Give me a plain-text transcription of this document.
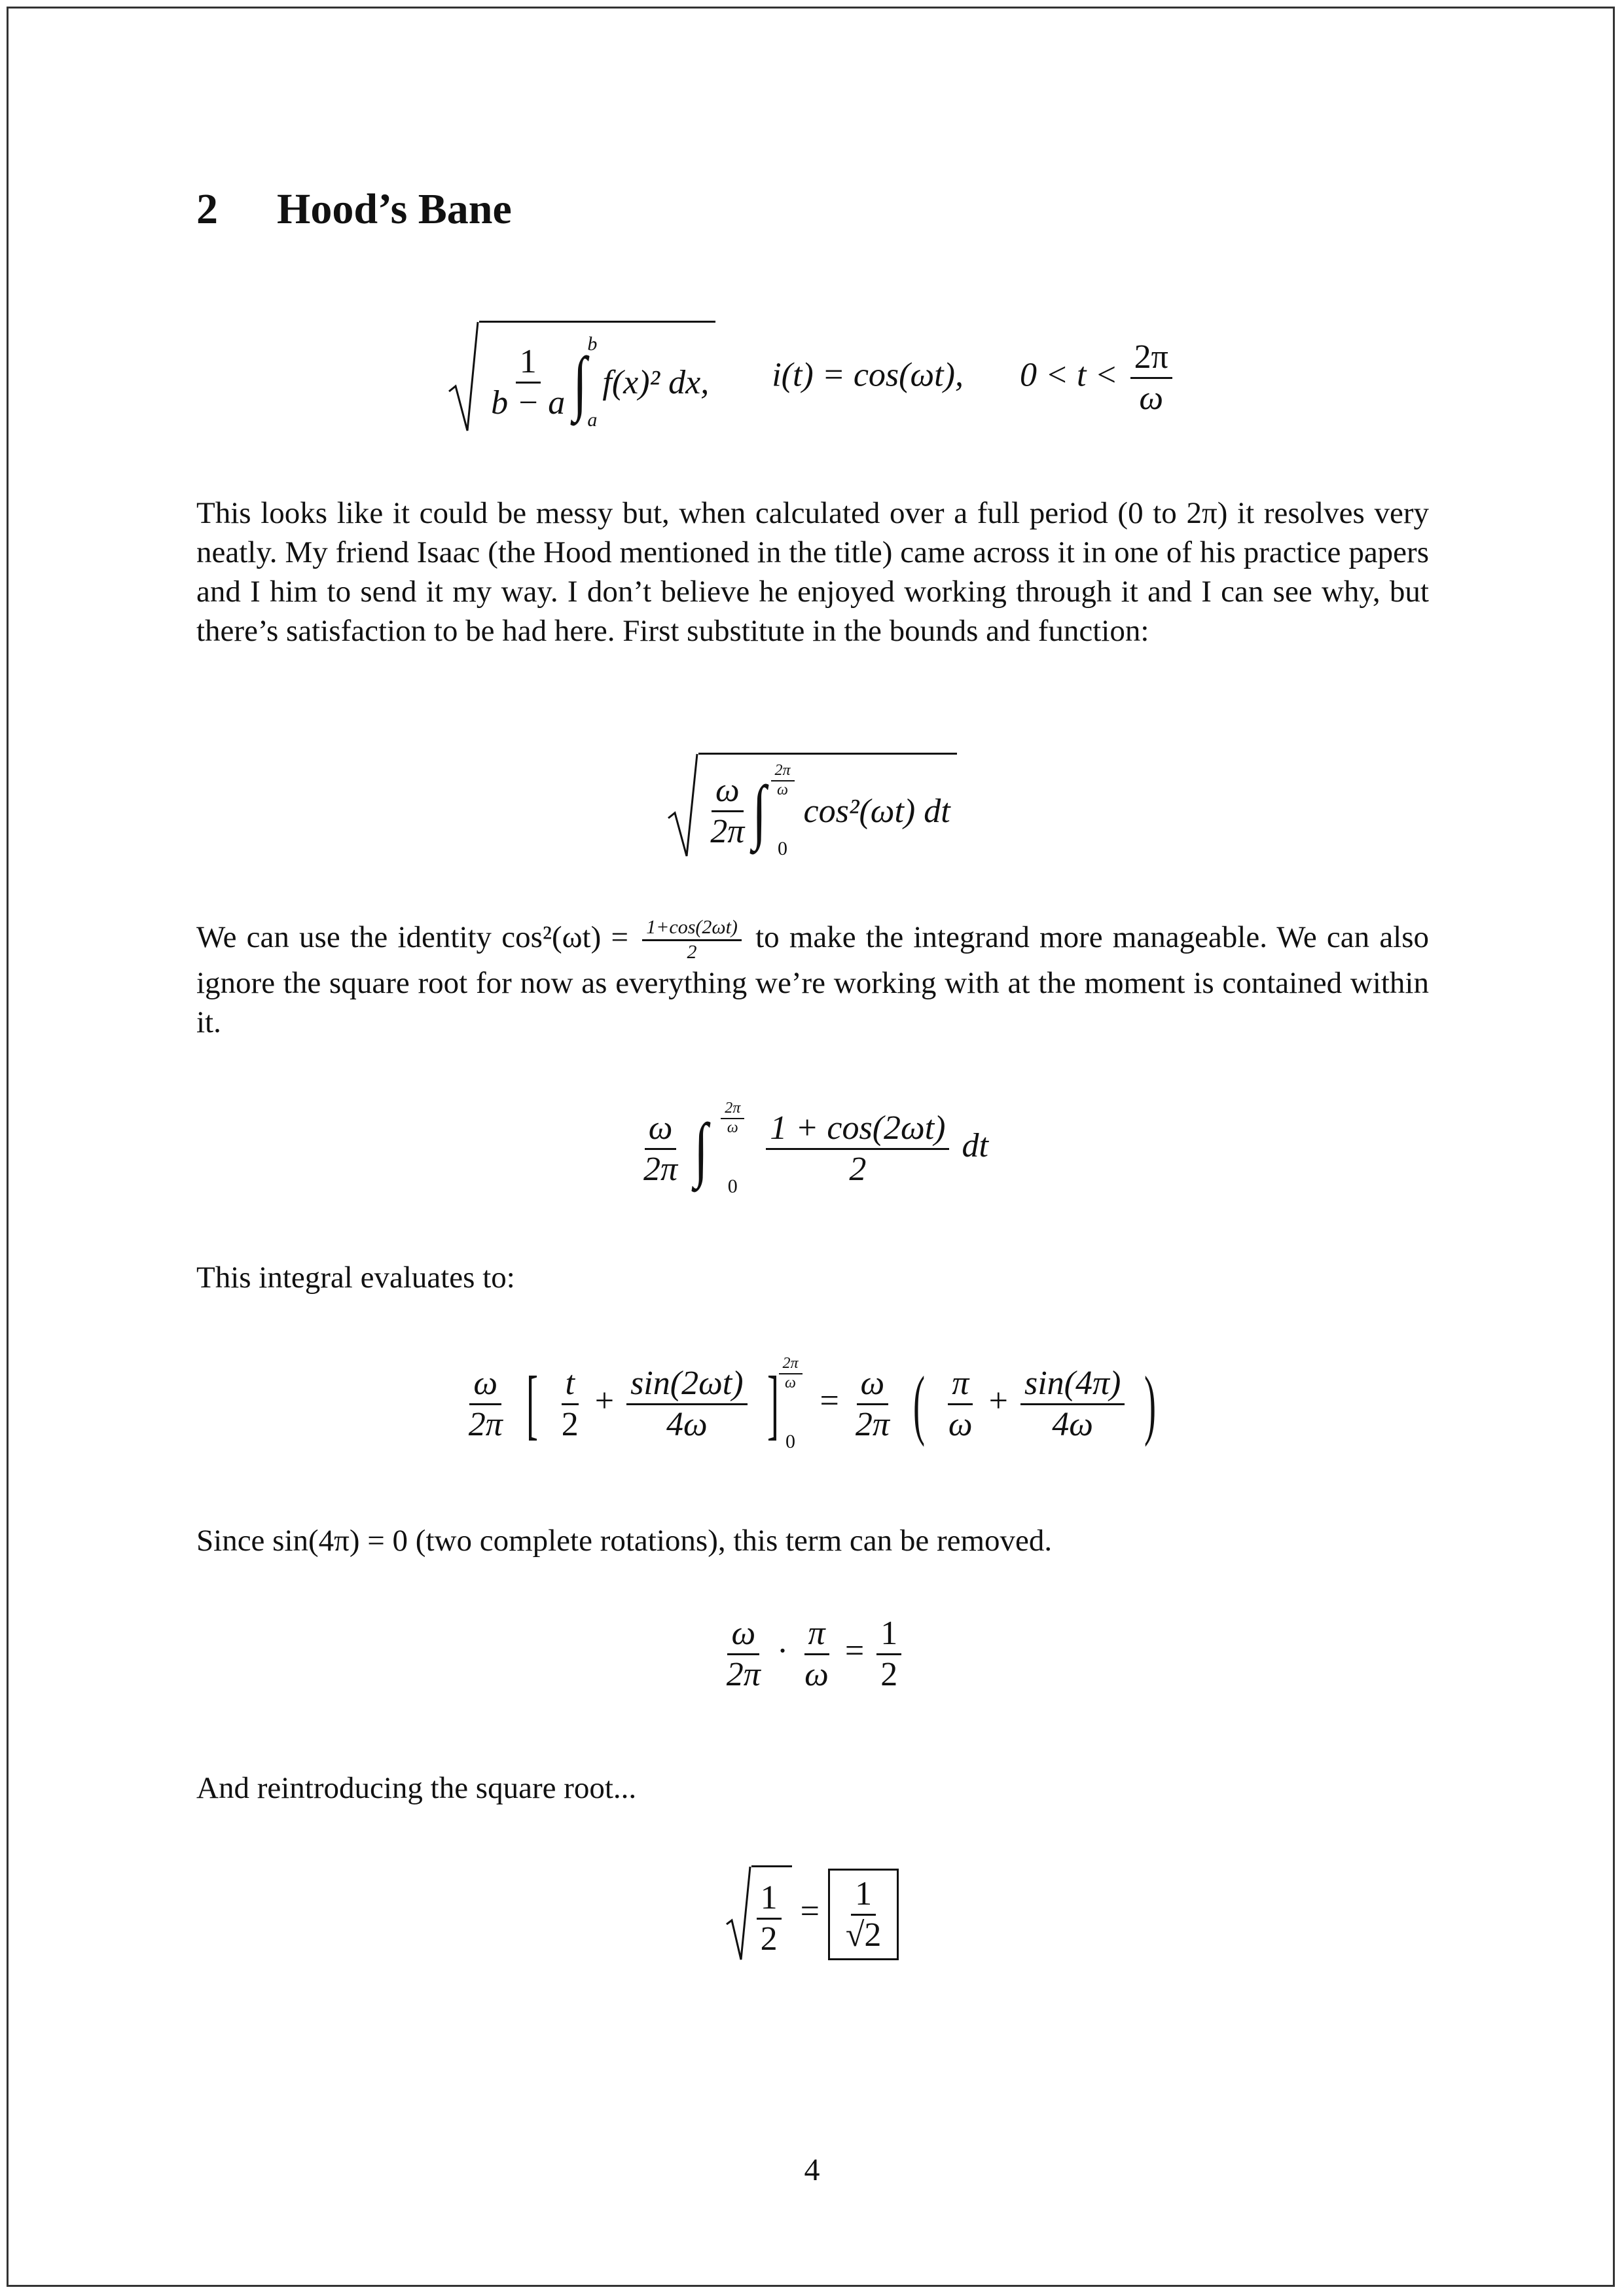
2 Hood’s Bane
$\frac{1}{b - a}$ ∫ b
a
f(x)² dx, i(t) = cos(ωt), $0 < t < \frac{2\pi}{\omega}$
This looks like it could be messy but, when calculated over a full period (0 to 2π) it resolves very neatly. My friend Isaac (the Hood mentioned in the title) came across it in one of his practice papers and I him to send it my way. I don’t believe he enjoyed working through it and I can see why, but there’s satisfaction to be had here. First substitute in the bounds and function:
$\frac{\omega}{2\pi}$ ∫ $\frac{2\pi}{\omega}$
0
cos²(ωt) dt
We can use the identity $\cos^2(\omega t) = \frac{1+\cos(2\omega t)}{2}$ to make the integrand more manageable. We can also ignore the square root for now as everything we’re working with at the moment is contained within it.
$\frac{\omega}{2\pi}$ ∫ $\frac{2\pi}{\omega}$
0
$\frac{1 + \cos(2\omega t)}{2}$ dt
This integral evaluates to:
$\frac{\omega}{2\pi}$ [ $\frac{t}{2} + \frac{\sin(2\omega t)}{4\omega}$ ] $\frac{2\pi}{\omega}$
0
= $\frac{\omega}{2\pi}$ ( $\frac{\pi}{\omega} + \frac{\sin(4\pi)}{4\omega}$ )
Since sin(4π) = 0 (two complete rotations), this term can be removed.
$\frac{\omega}{2\pi} \cdot \frac{\pi}{\omega} = \frac{1}{2}$
And reintroducing the square root...
$\frac{1}{2} = \frac{1}{√2}$
4
